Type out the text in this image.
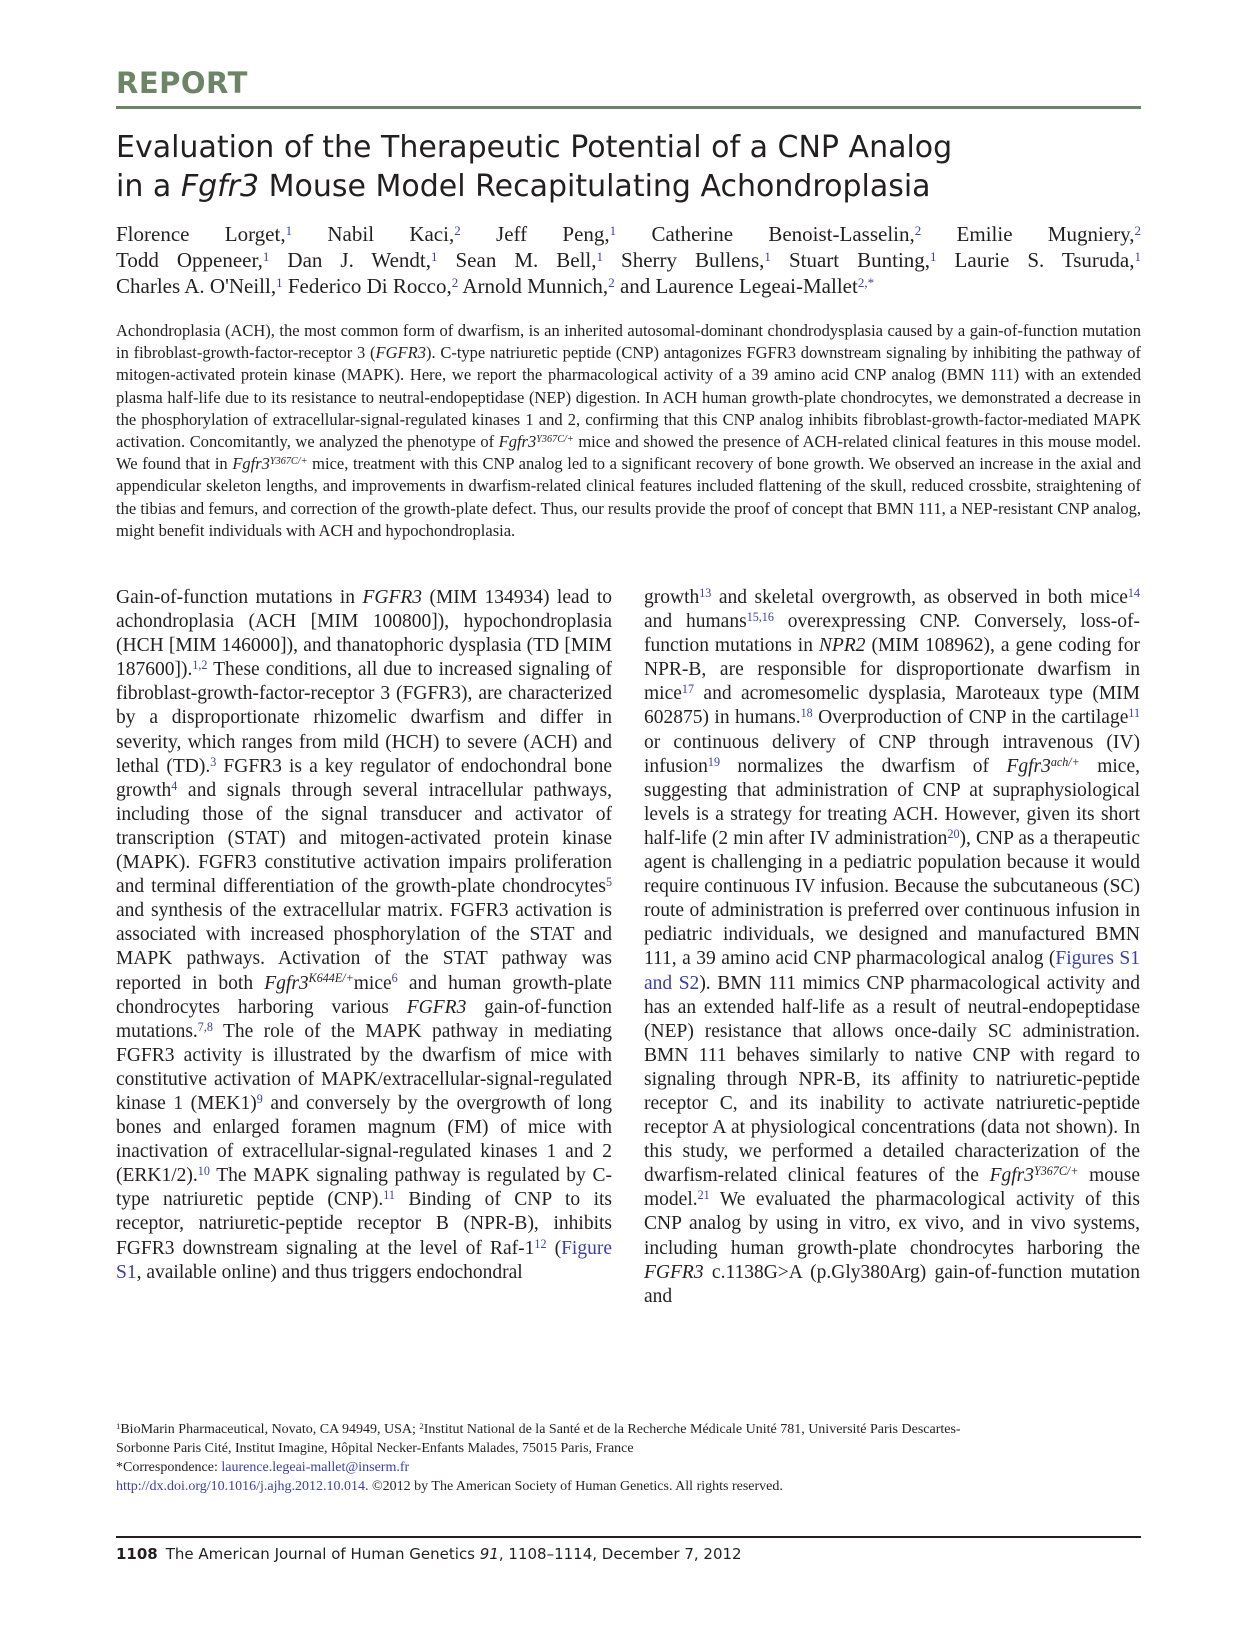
REPORT
Evaluation of the Therapeutic Potential of a CNP Analog
in a Fgfr3 Mouse Model Recapitulating Achondroplasia
Florence Lorget,$^1$ Nabil Kaci,$^2$ Jeff Peng,$^1$ Catherine Benoist-Lasselin,$^2$ Emilie Mugniery,$^2$
Todd Oppeneer,$^1$ Dan J. Wendt,$^1$ Sean M. Bell,$^1$ Sherry Bullens,$^1$ Stuart Bunting,$^1$ Laurie S. Tsuruda,$^1$
Charles A. O'Neill,$^1$ Federico Di Rocco,$^2$ Arnold Munnich,$^2$ and Laurence Legeai-Mallet$^{2,*}$

Achondroplasia (ACH), the most common form of dwarfism, is an inherited autosomal-dominant chondrodysplasia caused by a gain-of-function mutation in fibroblast-growth-factor-receptor 3 (FGFR3). C-type natriuretic peptide (CNP) antagonizes FGFR3 downstream signaling by inhibiting the pathway of mitogen-activated protein kinase (MAPK). Here, we report the pharmacological activity of a 39 amino acid CNP analog (BMN 111) with an extended plasma half-life due to its resistance to neutral-endopeptidase (NEP) digestion. In ACH human growth-plate chondrocytes, we demonstrated a decrease in the phosphorylation of extracellular-signal-regulated kinases 1 and 2, confirming that this CNP analog inhibits fibroblast-growth-factor-mediated MAPK activation. Concomitantly, we analyzed the phenotype of $Fgfr3^{Y367C/+}$ mice and showed the presence of ACH-related clinical features in this mouse model. We found that in $Fgfr3^{Y367C/+}$ mice, treatment with this CNP analog led to a significant recovery of bone growth. We observed an increase in the axial and appendicular skeleton lengths, and improvements in dwarfism-related clinical features included flattening of the skull, reduced crossbite, straightening of the tibias and femurs, and correction of the growth-plate defect. Thus, our results provide the proof of concept that BMN 111, a NEP-resistant CNP analog, might benefit individuals with ACH and hypochondroplasia.

Gain-of-function mutations in FGFR3 (MIM 134934) lead to achondroplasia (ACH [MIM 100800]), hypochondroplasia (HCH [MIM 146000]), and thanatophoric dysplasia (TD [MIM 187600]).$^{1,2}$ These conditions, all due to increased signaling of fibroblast-growth-factor-receptor 3 (FGFR3), are characterized by a disproportionate rhizomelic dwarfism and differ in severity, which ranges from mild (HCH) to severe (ACH) and lethal (TD).$^3$ FGFR3 is a key regulator of endochondral bone growth$^4$ and signals through several intracellular pathways, including those of the signal transducer and activator of transcription (STAT) and mitogen-activated protein kinase (MAPK). FGFR3 constitutive activation impairs proliferation and terminal differentiation of the growth-plate chondrocytes$^5$ and synthesis of the extracellular matrix. FGFR3 activation is associated with increased phosphorylation of the STAT and MAPK pathways. Activation of the STAT pathway was reported in both $Fgfr3^{K644E/+}mice^6$ and human growth-plate chondrocytes harboring various FGFR3 gain-of-function mutations.$^{7,8}$ The role of the MAPK pathway in mediating FGFR3 activity is illustrated by the dwarfism of mice with constitutive activation of MAPK/extracellular-signal-regulated kinase 1 (MEK1)$^9$ and conversely by the overgrowth of long bones and enlarged foramen magnum (FM) of mice with inactivation of extracellular-signal-regulated kinases 1 and 2 (ERK1/2).$^{10}$ The MAPK signaling pathway is regulated by C-type natriuretic peptide (CNP).$^{11}$ Binding of CNP to its receptor, natriuretic-peptide receptor B (NPR-B), inhibits FGFR3 downstream signaling at the level of Raf-1$^{12}$ (Figure S1, available online) and thus triggers endochondral

growth$^{13}$ and skeletal overgrowth, as observed in both mice$^{14}$ and humans$^{15,16}$ overexpressing CNP. Conversely, loss-of-function mutations in NPR2 (MIM 108962), a gene coding for NPR-B, are responsible for disproportionate dwarfism in mice$^{17}$ and acromesomelic dysplasia, Maroteaux type (MIM 602875) in humans.$^{18}$ Overproduction of CNP in the cartilage$^{11}$ or continuous delivery of CNP through intravenous (IV) infusion$^{19}$ normalizes the dwarfism of $Fgfr3^{ach/+}$ mice, suggesting that administration of CNP at supraphysiological levels is a strategy for treating ACH. However, given its short half-life (2 min after IV administration$^{20}$), CNP as a therapeutic agent is challenging in a pediatric population because it would require continuous IV infusion. Because the subcutaneous (SC) route of administration is preferred over continuous infusion in pediatric individuals, we designed and manufactured BMN 111, a 39 amino acid CNP pharmacological analog (Figures S1 and S2). BMN 111 mimics CNP pharmacological activity and has an extended half-life as a result of neutral-endopeptidase (NEP) resistance that allows once-daily SC administration. BMN 111 behaves similarly to native CNP with regard to signaling through NPR-B, its affinity to natriuretic-peptide receptor C, and its inability to activate natriuretic-peptide receptor A at physiological concentrations (data not shown). In this study, we performed a detailed characterization of the dwarfism-related clinical features of the $Fgfr3^{Y367C/+}$ mouse model.$^{21}$ We evaluated the pharmacological activity of this CNP analog by using in vitro, ex vivo, and in vivo systems, including human growth-plate chondrocytes harboring the FGFR3 c.1138G>A (p.Gly380Arg) gain-of-function mutation and

$^1$BioMarin Pharmaceutical, Novato, CA 94949, USA; $^2$Institut National de la Santé et de la Recherche Médicale Unité 781, Université Paris Descartes-
Sorbonne Paris Cité, Institut Imagine, Hôpital Necker-Enfants Malades, 75015 Paris, France
*Correspondence: laurence.legeai-mallet@inserm.fr
http://dx.doi.org/10.1016/j.ajhg.2012.10.014. ©2012 by The American Society of Human Genetics. All rights reserved.
1108 The American Journal of Human Genetics 91, 1108–1114, December 7, 2012
